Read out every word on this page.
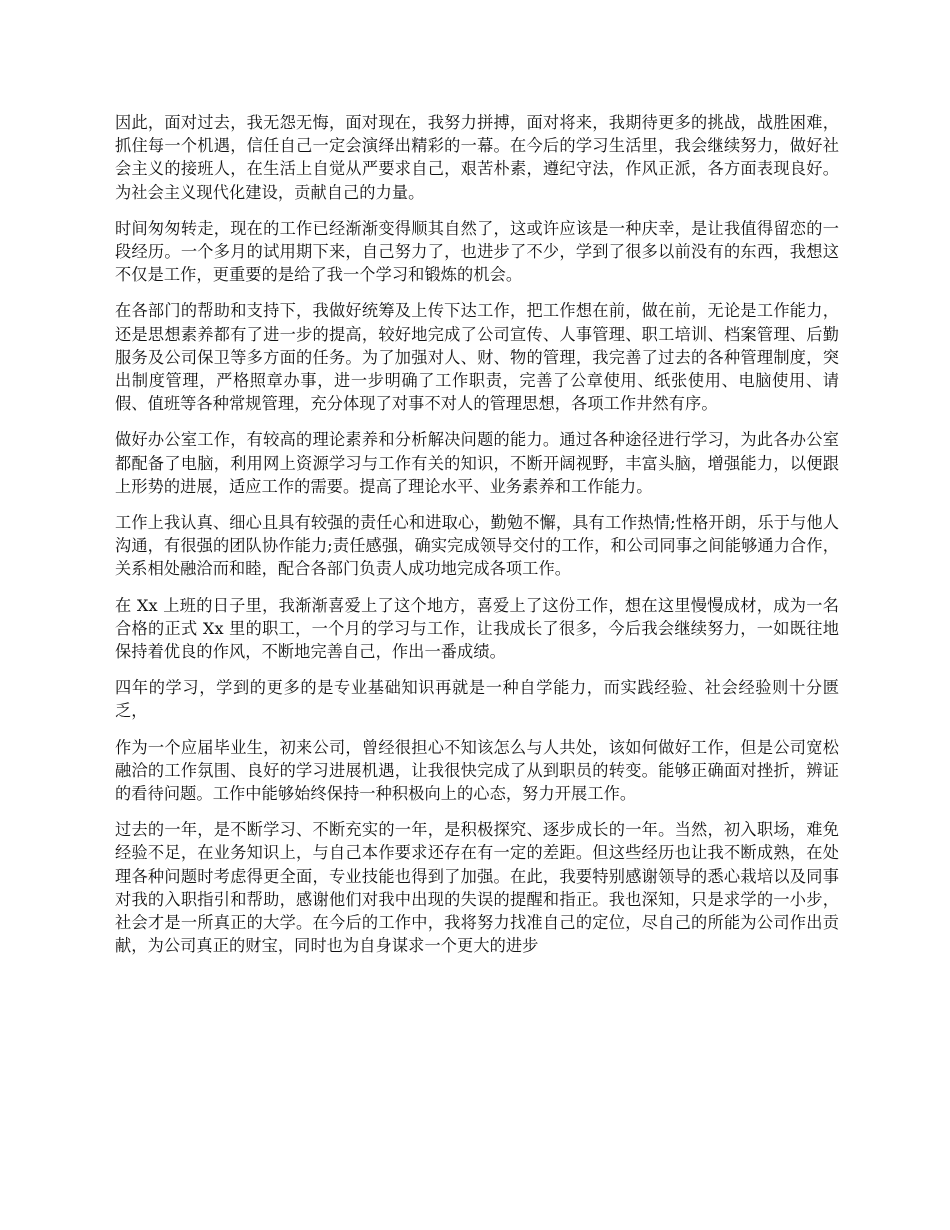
因此，面对过去，我无怨无悔，面对现在，我努力拼搏，面对将来，我期待更多的挑战，战胜困难，抓住每一个机遇，信任自己一定会演绎出精彩的一幕。在今后的学习生活里，我会继续努力，做好社会主义的接班人，在生活上自觉从严要求自己，艰苦朴素，遵纪守法，作风正派，各方面表现良好。为社会主义现代化建设，贡献自己的力量。

时间匆匆转走，现在的工作已经渐渐变得顺其自然了，这或许应该是一种庆幸，是让我值得留恋的一段经历。一个多月的试用期下来，自己努力了，也进步了不少，学到了很多以前没有的东西，我想这不仅是工作，更重要的是给了我一个学习和锻炼的机会。

在各部门的帮助和支持下，我做好统筹及上传下达工作，把工作想在前，做在前，无论是工作能力，还是思想素养都有了进一步的提高，较好地完成了公司宣传、人事管理、职工培训、档案管理、后勤服务及公司保卫等多方面的任务。为了加强对人、财、物的管理，我完善了过去的各种管理制度，突出制度管理，严格照章办事，进一步明确了工作职责，完善了公章使用、纸张使用、电脑使用、请假、值班等各种常规管理，充分体现了对事不对人的管理思想，各项工作井然有序。

做好办公室工作，有较高的理论素养和分析解决问题的能力。通过各种途径进行学习，为此各办公室都配备了电脑，利用网上资源学习与工作有关的知识，不断开阔视野，丰富头脑，增强能力，以便跟上形势的进展，适应工作的需要。提高了理论水平、业务素养和工作能力。

工作上我认真、细心且具有较强的责任心和进取心，勤勉不懈，具有工作热情;性格开朗，乐于与他人沟通，有很强的团队协作能力;责任感强，确实完成领导交付的工作，和公司同事之间能够通力合作，关系相处融洽而和睦，配合各部门负责人成功地完成各项工作。

在 Xx 上班的日子里，我渐渐喜爱上了这个地方，喜爱上了这份工作，想在这里慢慢成材，成为一名合格的正式 Xx 里的职工，一个月的学习与工作，让我成长了很多，今后我会继续努力，一如既往地保持着优良的作风，不断地完善自己，作出一番成绩。

四年的学习，学到的更多的是专业基础知识再就是一种自学能力，而实践经验、社会经验则十分匮乏，

作为一个应届毕业生，初来公司，曾经很担心不知该怎么与人共处，该如何做好工作，但是公司宽松融洽的工作氛围、良好的学习进展机遇，让我很快完成了从到职员的转变。能够正确面对挫折，辨证的看待问题。工作中能够始终保持一种积极向上的心态，努力开展工作。

过去的一年，是不断学习、不断充实的一年，是积极探究、逐步成长的一年。当然，初入职场，难免经验不足，在业务知识上，与自己本作要求还存在有一定的差距。但这些经历也让我不断成熟，在处理各种问题时考虑得更全面，专业技能也得到了加强。在此，我要特别感谢领导的悉心栽培以及同事对我的入职指引和帮助，感谢他们对我中出现的失误的提醒和指正。我也深知，只是求学的一小步，社会才是一所真正的大学。在今后的工作中，我将努力找准自己的定位，尽自己的所能为公司作出贡献，为公司真正的财宝，同时也为自身谋求一个更大的进步
